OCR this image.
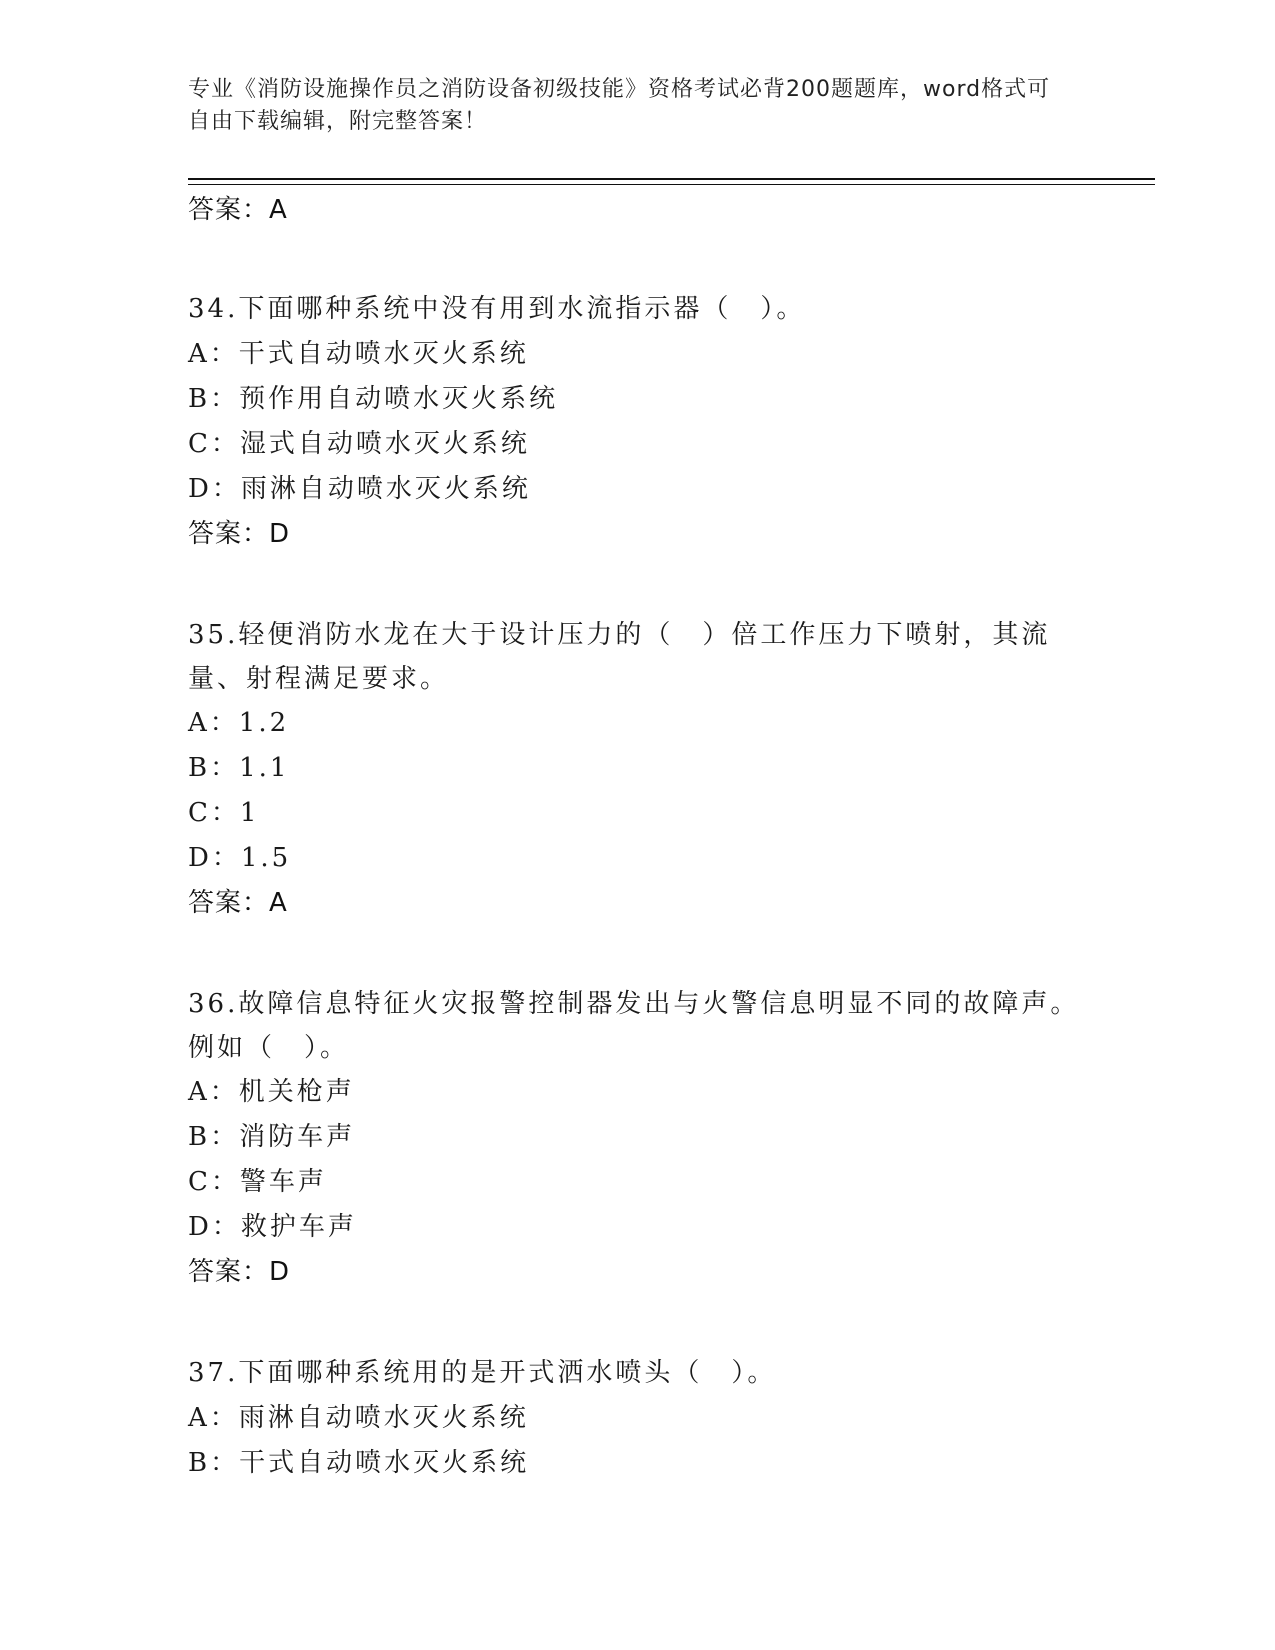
专业《消防设施操作员之消防设备初级技能》资格考试必背200题题库，word格式可自由下载编辑，附完整答案！
答案：A
34.下面哪种系统中没有用到水流指示器（　）。
A：干式自动喷水灭火系统
B：预作用自动喷水灭火系统
C：湿式自动喷水灭火系统
D：雨淋自动喷水灭火系统
答案：D
35.轻便消防水龙在大于设计压力的（　）倍工作压力下喷射，其流量、射程满足要求。
A：1.2
B：1.1
C：1
D：1.5
答案：A
36.故障信息特征火灾报警控制器发出与火警信息明显不同的故障声。例如（　）。
A：机关枪声
B：消防车声
C：警车声
D：救护车声
答案：D
37.下面哪种系统用的是开式洒水喷头（　）。
A：雨淋自动喷水灭火系统
B：干式自动喷水灭火系统
